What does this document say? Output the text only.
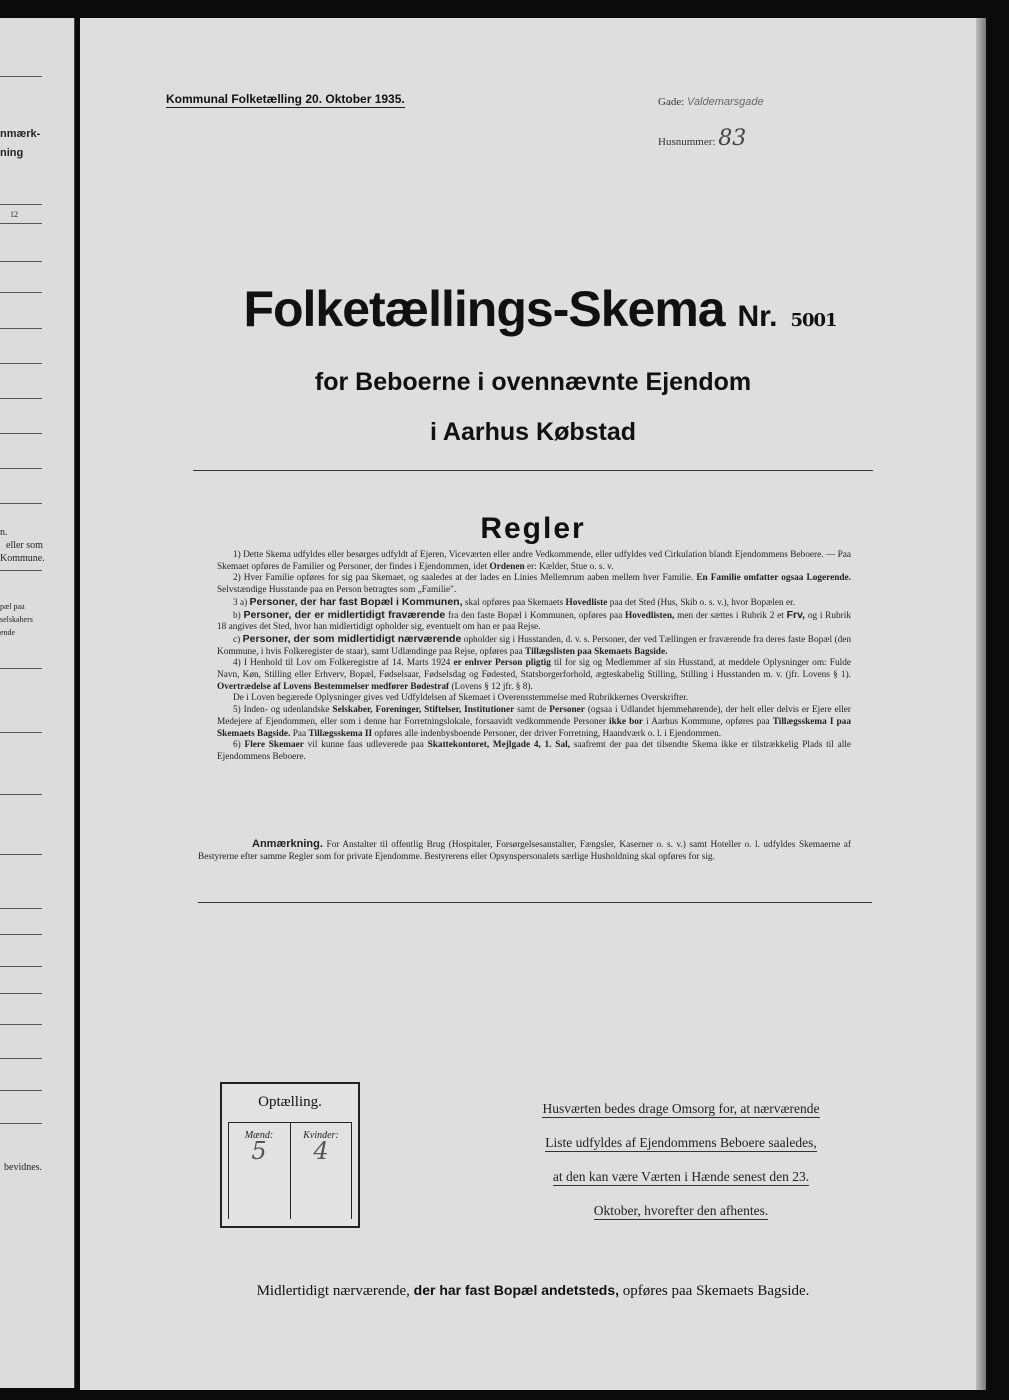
nmærk-
ning
12
n.
eller som
Kommune.
pæl paa
selskabers
ende
bevidnes.
Kommunal Folketælling 20. Oktober 1935.	Gade: Valdemarsgade
Husnummer: 83
Folketællings-Skema Nr. 5001
for Beboerne i ovennævnte Ejendom
i Aarhus Købstad
Regler

1) Dette Skema udfyldes eller besørges udfyldt af Ejeren, Viceværten eller andre Vedkommende, eller udfyldes ved Cirkulation blandt Ejendommens Beboere. — Paa Skemaet opføres de Familier og Personer, der findes i Ejendommen, idet Ordenen er: Kælder, Stue o. s. v.

2) Hver Familie opføres for sig paa Skemaet, og saaledes at der lades en Linies Mellemrum aaben mellem hver Familie. En Familie omfatter ogsaa Logerende. Selvstændige Husstande paa en Person betragtes som „Familie".

3 a) Personer, der har fast Bopæl i Kommunen, skal opføres paa Skemaets Hovedliste paa det Sted (Hus, Skib o. s. v.), hvor Bopælen er.

b) Personer, der er midlertidigt fraværende fra den faste Bopæl i Kommunen, opføres paa Hovedlisten, men der sættes i Rubrik 2 et Frv, og i Rubrik 18 angives det Sted, hvor han midlertidigt opholder sig, eventuelt om han er paa Rejse.

c) Personer, der som midlertidigt nærværende opholder sig i Husstanden, d. v. s. Personer, der ved Tællingen er fraværende fra deres faste Bopæl (den Kommune, i hvis Folkeregister de staar), samt Udlændinge paa Rejse, opføres paa Tillægslisten paa Skemaets Bagside.

4) I Henhold til Lov om Folkeregistre af 14. Marts 1924 er enhver Person pligtig til for sig og Medlemmer af sin Husstand, at meddele Oplysninger om: Fulde Navn, Køn, Stilling eller Erhverv, Bopæl, Fødselsaar, Fødselsdag og Fødested, Statsborgerforhold, ægteskabelig Stilling, Stilling i Husstanden m. v. (jfr. Lovens § 1). Overtrædelse af Lovens Bestemmelser medfører Bødestraf (Lovens § 12 jfr. § 8).

De i Loven begærede Oplysninger gives ved Udfyldelsen af Skemaet i Overensstemmelse med Rubrikkernes Overskrifter.

5) Inden- og udenlandske Selskaber, Foreninger, Stiftelser, Institutioner samt de Personer (ogsaa i Udlandet hjemmehørende), der helt eller delvis er Ejere eller Medejere af Ejendommen, eller som i denne har Forretningslokale, forsaavidt vedkommende Personer ikke bor i Aarhus Kommune, opføres paa Tillægsskema I paa Skemaets Bagside. Paa Tillægsskema II opføres alle indenbysboende Personer, der driver Forretning, Haandværk o. l. i Ejendommen.

6) Flere Skemaer vil kunne faas udleverede paa Skattekontoret, Mejlgade 4, 1. Sal, saafremt der paa det tilsendte Skema ikke er tilstrækkelig Plads til alle Ejendommens Beboere.

Anmærkning. For Anstalter til offentlig Brug (Hospitaler, Forsørgelsesanstalter, Fængsler, Kaserner o. s. v.) samt Hoteller o. l. udfyldes Skemaerne af Bestyrerne efter samme Regler som for private Ejendomme. Bestyrerens eller Opsynspersonalets særlige Husholdning skal opføres for sig.

Optælling.
Mænd:
5
Kvinder:
4
Husværten bedes drage Omsorg for, at nærværende
Liste udfyldes af Ejendommens Beboere saaledes,
at den kan være Værten i Hænde senest den 23.
Oktober, hvorefter den afhentes.
Midlertidigt nærværende, der har fast Bopæl andetsteds, opføres paa Skemaets Bagside.
